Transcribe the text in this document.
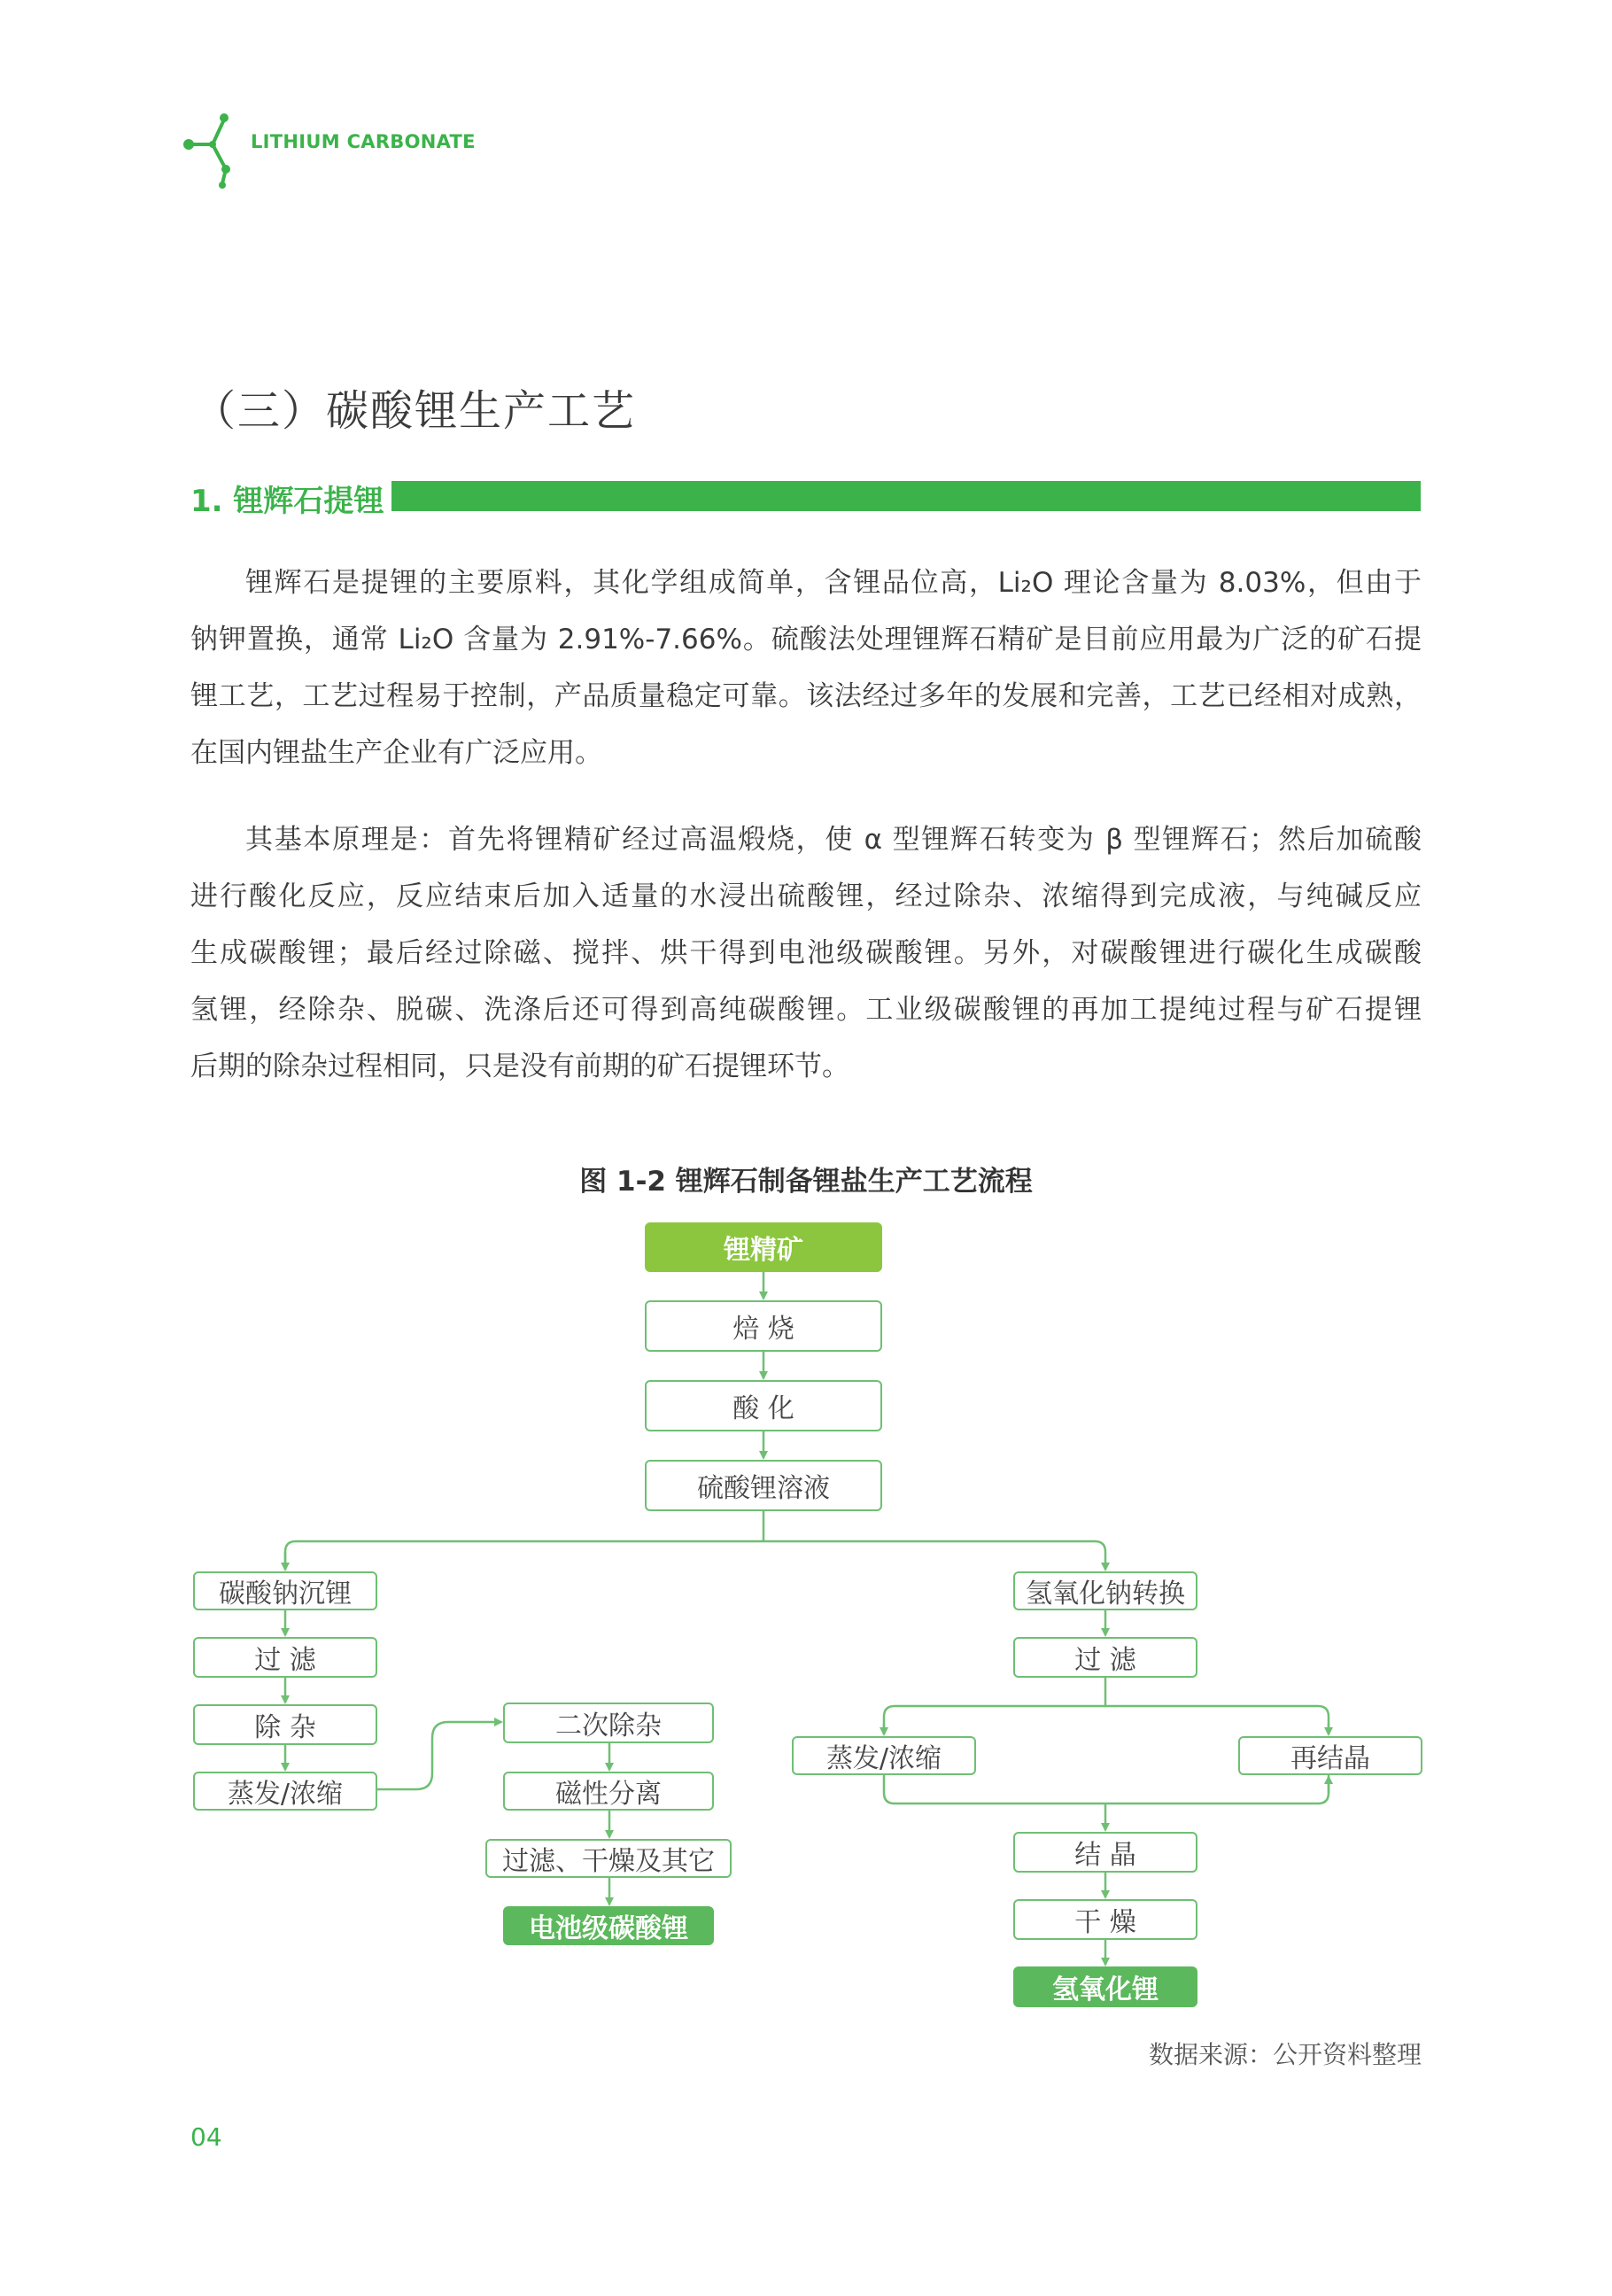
LITHIUM CARBONATE
（三）碳酸锂生产工艺
1. 锂辉石提锂
锂辉石是提锂的主要原料，其化学组成简单，含锂品位高，Li₂O 理论含量为 8.03%，但由于
钠钾置换，通常 Li₂O 含量为 2.91%-7.66%。硫酸法处理锂辉石精矿是目前应用最为广泛的矿石提
锂工艺，工艺过程易于控制，产品质量稳定可靠。该法经过多年的发展和完善，工艺已经相对成熟，
在国内锂盐生产企业有广泛应用。
其基本原理是：首先将锂精矿经过高温煅烧，使 α 型锂辉石转变为 β 型锂辉石；然后加硫酸
进行酸化反应，反应结束后加入适量的水浸出硫酸锂，经过除杂、浓缩得到完成液，与纯碱反应
生成碳酸锂；最后经过除磁、搅拌、烘干得到电池级碳酸锂。另外，对碳酸锂进行碳化生成碳酸
氢锂，经除杂、脱碳、洗涤后还可得到高纯碳酸锂。工业级碳酸锂的再加工提纯过程与矿石提锂
后期的除杂过程相同，只是没有前期的矿石提锂环节。
图 1-2 锂辉石制备锂盐生产工艺流程
锂精矿
焙 烧
酸 化
硫酸锂溶液
碳酸钠沉锂
过 滤
除 杂
蒸发/浓缩
二次除杂
磁性分离
过滤、干燥及其它
电池级碳酸锂
氢氧化钠转换
过 滤
蒸发/浓缩	再结晶
结 晶
干 燥
氢氧化锂
数据来源：公开资料整理
04
